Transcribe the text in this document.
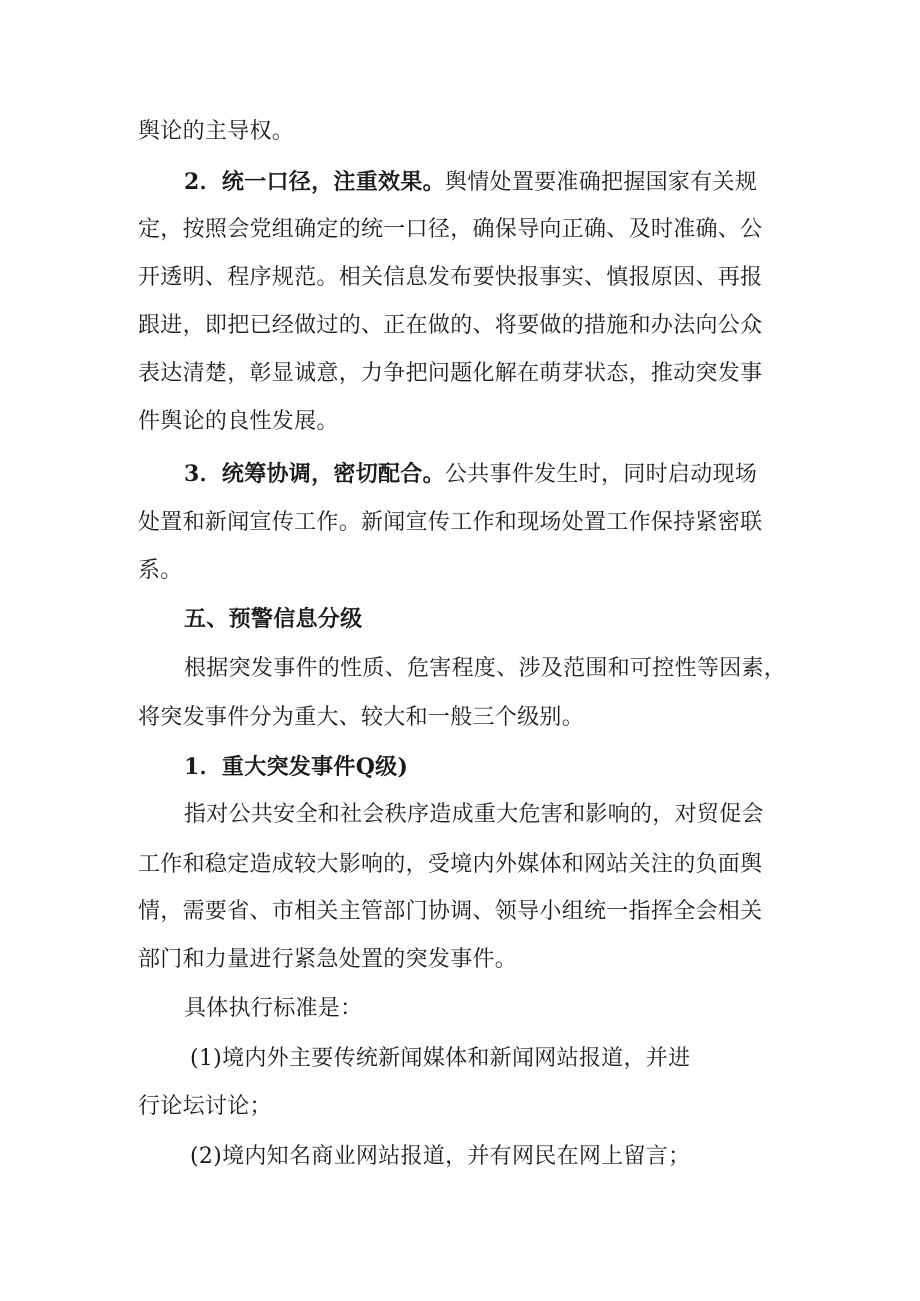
舆论的主导权。
2．统一口径，注重效果。舆情处置要准确把握国家有关规
定，按照会党组确定的统一口径，确保导向正确、及时准确、公
开透明、程序规范。相关信息发布要快报事实、慎报原因、再报
跟进，即把已经做过的、正在做的、将要做的措施和办法向公众
表达清楚，彰显诚意，力争把问题化解在萌芽状态，推动突发事
件舆论的良性发展。
3．统筹协调，密切配合。公共事件发生时，同时启动现场
处置和新闻宣传工作。新闻宣传工作和现场处置工作保持紧密联
系。
五、预警信息分级
根据突发事件的性质、危害程度、涉及范围和可控性等因素，
将突发事件分为重大、较大和一般三个级别。
1．重大突发事件Q级)
指对公共安全和社会秩序造成重大危害和影响的，对贸促会
工作和稳定造成较大影响的，受境内外媒体和网站关注的负面舆
情，需要省、市相关主管部门协调、领导小组统一指挥全会相关
部门和力量进行紧急处置的突发事件。
具体执行标准是：
(1)境内外主要传统新闻媒体和新闻网站报道，并进
行论坛讨论；
(2)境内知名商业网站报道，并有网民在网上留言；
